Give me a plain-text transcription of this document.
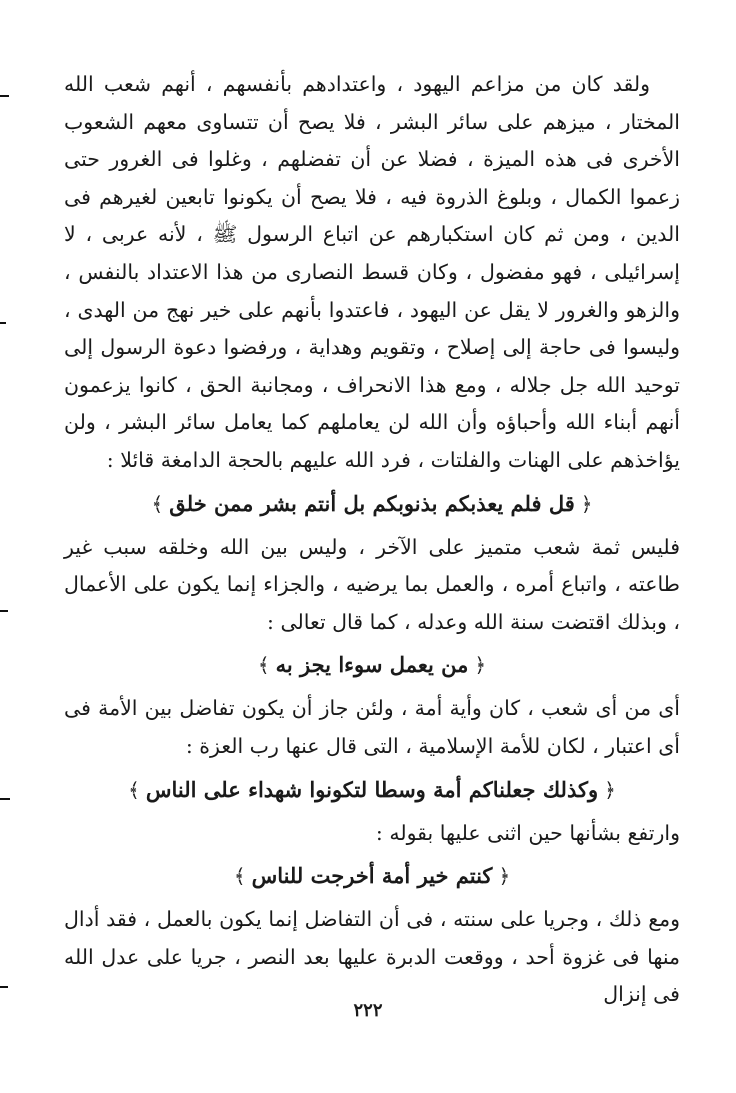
ولقد كان من مزاعم اليهود ، واعتدادهم بأنفسهم ، أنهم شعب الله المختار ، ميزهم على سائر البشر ، فلا يصح أن تتساوى معهم الشعوب الأخرى فى هذه الميزة ، فضلا عن أن تفضلهم ، وغلوا فى الغرور حتى زعموا الكمال ، وبلوغ الذروة فيه ، فلا يصح أن يكونوا تابعين لغيرهم فى الدين ، ومن ثم كان استكبارهم عن اتباع الرسول ﷺ ، لأنه عربى ، لا إسرائيلى ، فهو مفضول ، وكان قسط النصارى من هذا الاعتداد بالنفس ، والزهو والغرور لا يقل عن اليهود ، فاعتدوا بأنهم على خير نهج من الهدى ، وليسوا فى حاجة إلى إصلاح ، وتقويم وهداية ، ورفضوا دعوة الرسول إلى توحيد الله جل جلاله ، ومع هذا الانحراف ، ومجانبة الحق ، كانوا يزعمون أنهم أبناء الله وأحباؤه وأن الله لن يعاملهم كما يعامل سائر البشر ، ولن يؤاخذهم على الهنات والفلتات ، فرد الله عليهم بالحجة الدامغة قائلا :

﴿قل فلم يعذبكم بذنوبكم بل أنتم بشر ممن خلق﴾

فليس ثمة شعب متميز على الآخر ، وليس بين الله وخلقه سبب غير طاعته ، واتباع أمره ، والعمل بما يرضيه ، والجزاء إنما يكون على الأعمال ، وبذلك اقتضت سنة الله وعدله ، كما قال تعالى :

﴿من يعمل سوءا يجز به﴾

أى من أى شعب ، كان وأية أمة ، ولئن جاز أن يكون تفاضل بين الأمة فى أى اعتبار ، لكان للأمة الإسلامية ، التى قال عنها رب العزة :

﴿وكذلك جعلناكم أمة وسطا لتكونوا شهداء على الناس﴾

وارتفع بشأنها حين اثنى عليها بقوله :

﴿كنتم خير أمة أخرجت للناس﴾

ومع ذلك ، وجريا على سنته ، فى أن التفاضل إنما يكون بالعمل ، فقد أدال منها فى غزوة أحد ، ووقعت الدبرة عليها بعد النصر ، جريا على عدل الله فى إنزال

٢٢٢
